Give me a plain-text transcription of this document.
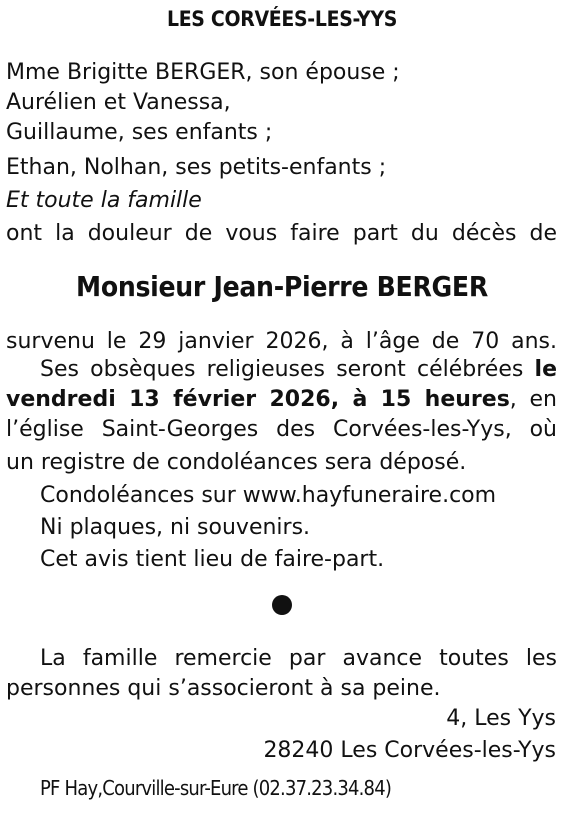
LES CORVÉES-LES-YYS
Mme Brigitte BERGER, son épouse ;
Aurélien et Vanessa,
Guillaume, ses enfants ;
Ethan, Nolhan, ses petits-enfants ;
Et toute la famille
ont la douleur de vous faire part du décès de
Monsieur Jean-Pierre BERGER
survenu le 29 janvier 2026, à l’âge de 70 ans.
Ses obsèques religieuses seront célébrées le
vendredi 13 février 2026, à 15 heures, en
l’église Saint-Georges des Corvées-les-Yys, où
un registre de condoléances sera déposé.
Condoléances sur www.hayfuneraire.com
Ni plaques, ni souvenirs.
Cet avis tient lieu de faire-part.
La famille remercie par avance toutes les
personnes qui s’associeront à sa peine.
4, Les Yys
28240 Les Corvées-les-Yys
PF Hay,Courville-sur-Eure (02.37.23.34.84)
